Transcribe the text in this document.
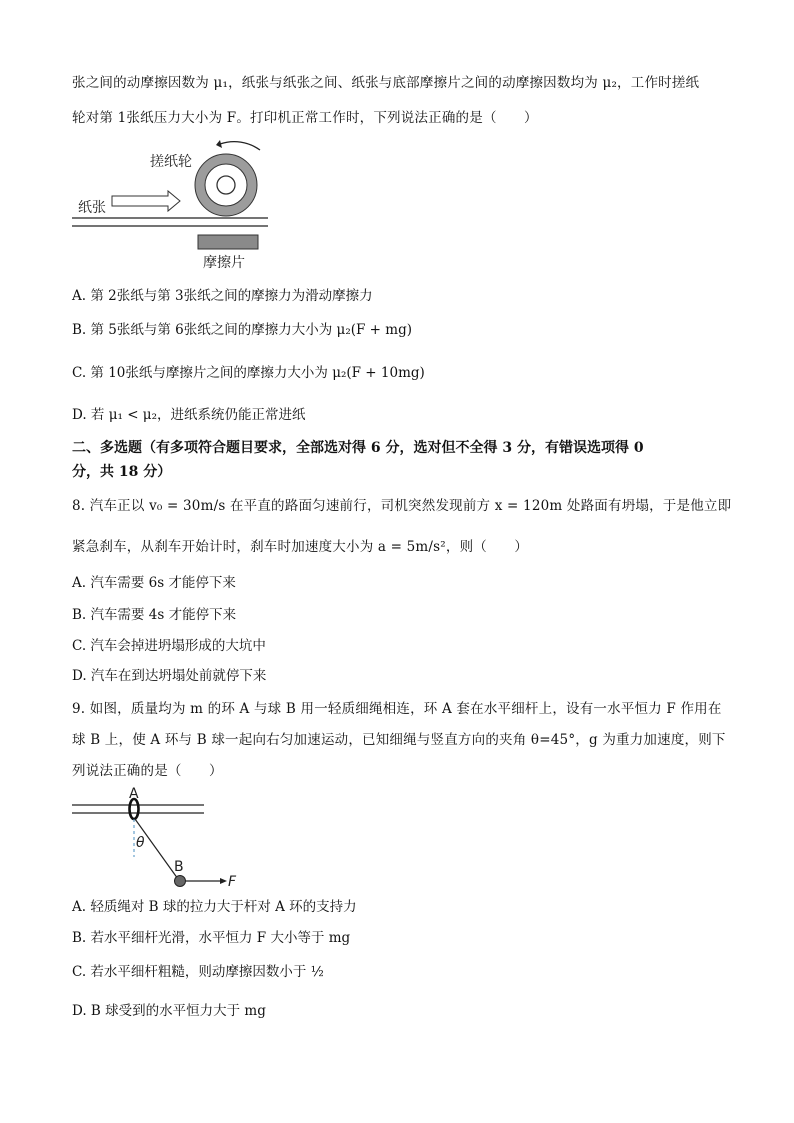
张之间的动摩擦因数为 μ₁，纸张与纸张之间、纸张与底部摩擦片之间的动摩擦因数均为 μ₂，工作时搓纸
轮对第 1张纸压力大小为 F。打印机正常工作时，下列说法正确的是（　　）
搓纸轮
纸张
摩擦片
A. 第 2张纸与第 3张纸之间的摩擦力为滑动摩擦力
B. 第 5张纸与第 6张纸之间的摩擦力大小为 μ₂(F + mg)
C. 第 10张纸与摩擦片之间的摩擦力大小为 μ₂(F + 10mg)
D. 若 μ₁ < μ₂，进纸系统仍能正常进纸
二、多选题（有多项符合题目要求，全部选对得 6 分，选对但不全得 3 分，有错误选项得 0
分，共 18 分）
8. 汽车正以 v₀ = 30m/s 在平直的路面匀速前行，司机突然发现前方 x = 120m 处路面有坍塌，于是他立即
紧急刹车，从刹车开始计时，刹车时加速度大小为 a = 5m/s²，则（　　）
A. 汽车需要 6s 才能停下来
B. 汽车需要 4s 才能停下来
C. 汽车会掉进坍塌形成的大坑中
D. 汽车在到达坍塌处前就停下来
9. 如图，质量均为 m 的环 A 与球 B 用一轻质细绳相连，环 A 套在水平细杆上，设有一水平恒力 F 作用在
球 B 上，使 A 环与 B 球一起向右匀加速运动，已知细绳与竖直方向的夹角 θ=45°，g 为重力加速度，则下
列说法正确的是（　　）
A
B
θ
F
A. 轻质绳对 B 球的拉力大于杆对 A 环的支持力
B. 若水平细杆光滑，水平恒力 F 大小等于 mg
C. 若水平细杆粗糙，则动摩擦因数小于 ½
D. B 球受到的水平恒力大于 mg
